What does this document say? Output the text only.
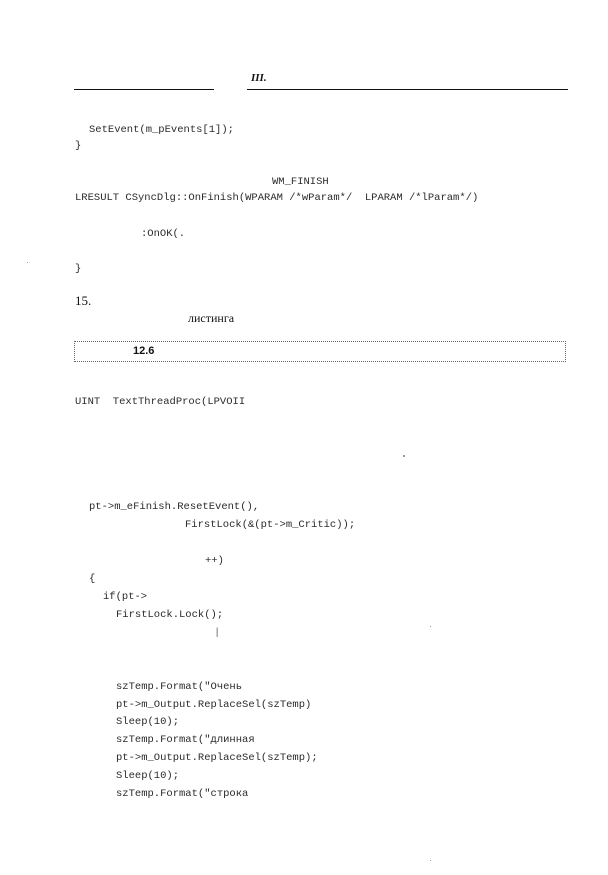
III.
SetEvent(m_pEvents[1]);
}
WM_FINISH
LRESULT CSyncDlg::OnFinish(WPARAM /*wParam*/  LPARAM /*lParam*/)
:OnOK(.
}
15.
листинга
12.6
UINT  TextThreadProc(LPVOII
pt->m_eFinish.ResetEvent(),
FirstLock(&(pt->m_Critic));
++)
{
if(pt->
FirstLock.Lock();
|
szTemp.Format("Очень
pt->m_Output.ReplaceSel(szTemp)
Sleep(10);
szTemp.Format("длинная
pt->m_Output.ReplaceSel(szTemp);
Sleep(10);
szTemp.Format("строка
